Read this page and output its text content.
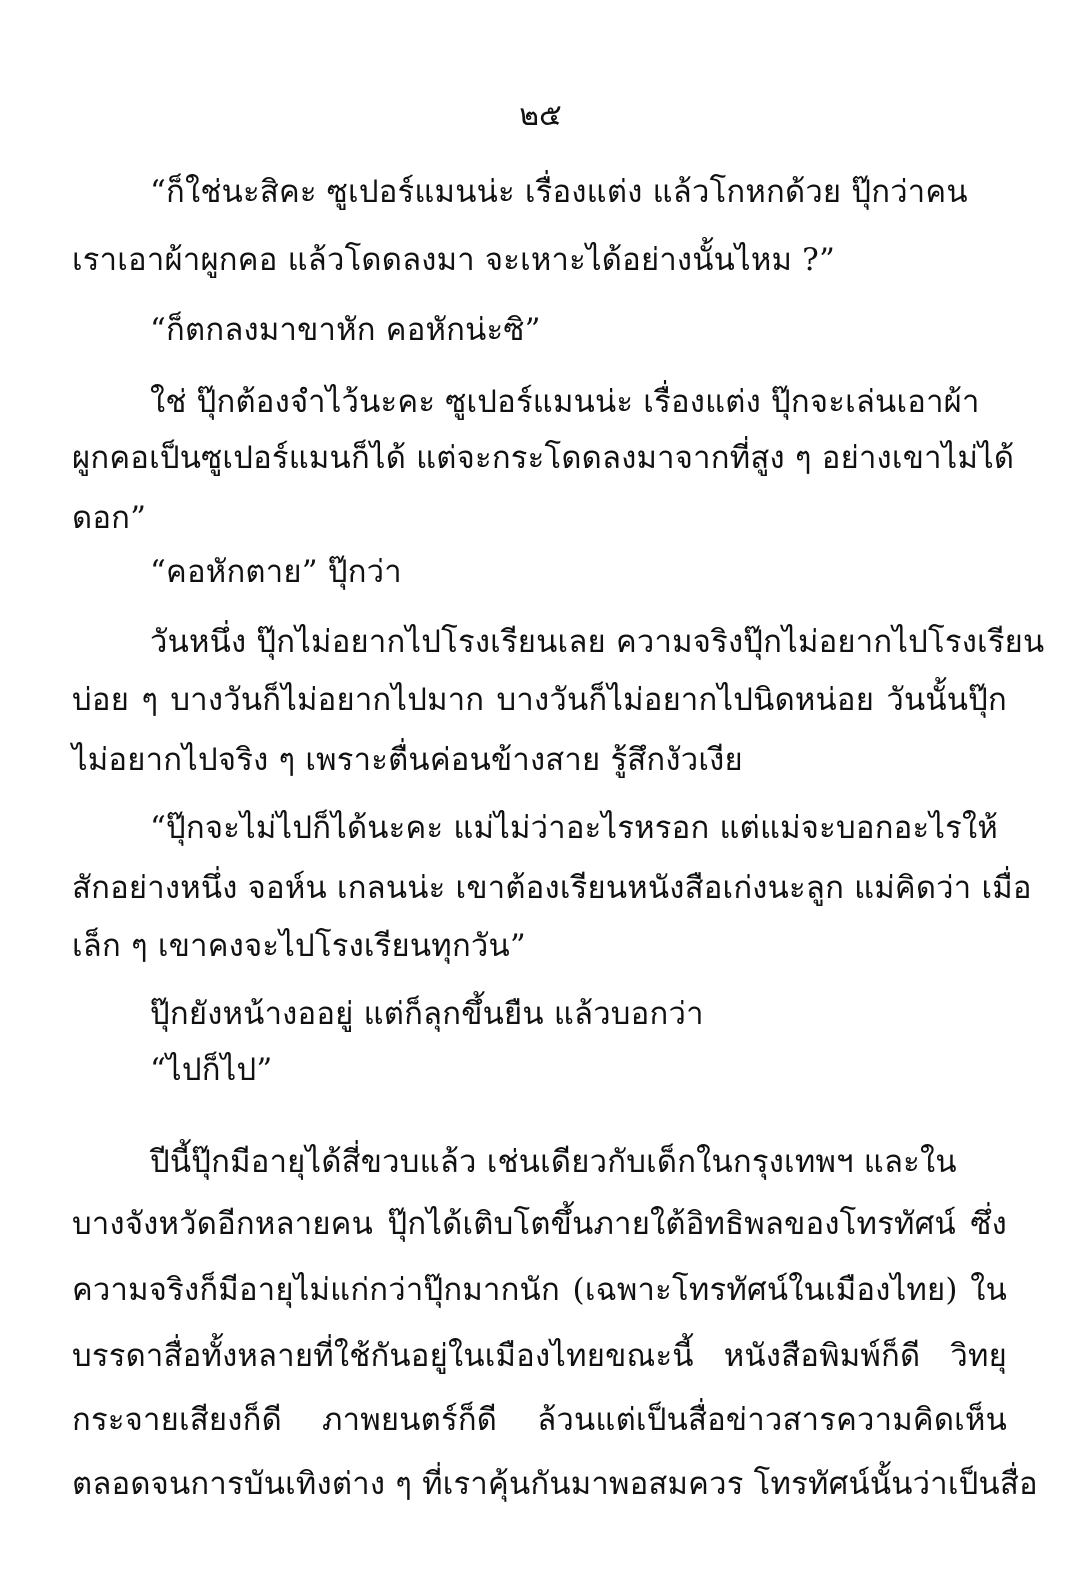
๒๕
“ก็ใช่นะสิคะ ซูเปอร์แมนน่ะ เรื่องแต่ง แล้วโกหกด้วย ปุ๊กว่าคน
เราเอาผ้าผูกคอ แล้วโดดลงมา จะเหาะได้อย่างนั้นไหม ?”
“ก็ตกลงมาขาหัก คอหักน่ะซิ”
ใช่ ปุ๊กต้องจำไว้นะคะ ซูเปอร์แมนน่ะ เรื่องแต่ง ปุ๊กจะเล่นเอาผ้า
ผูกคอเป็นซูเปอร์แมนก็ได้ แต่จะกระโดดลงมาจากที่สูง ๆ อย่างเขาไม่ได้
ดอก”
“คอหักตาย” ปุ๊กว่า
วันหนึ่ง ปุ๊กไม่อยากไปโรงเรียนเลย ความจริงปุ๊กไม่อยากไปโรงเรียน
บ่อย ๆ บางวันก็ไม่อยากไปมาก บางวันก็ไม่อยากไปนิดหน่อย วันนั้นปุ๊ก
ไม่อยากไปจริง ๆ เพราะตื่นค่อนข้างสาย รู้สึกงัวเงีย
“ปุ๊กจะไม่ไปก็ได้นะคะ แม่ไม่ว่าอะไรหรอก แต่แม่จะบอกอะไรให้
สักอย่างหนึ่ง จอห์น เกลนน่ะ เขาต้องเรียนหนังสือเก่งนะลูก แม่คิดว่า เมื่อ
เล็ก ๆ เขาคงจะไปโรงเรียนทุกวัน”
ปุ๊กยังหน้างออยู่ แต่ก็ลุกขึ้นยืน แล้วบอกว่า
“ไปก็ไป”
ปีนี้ปุ๊กมีอายุได้สี่ขวบแล้ว เช่นเดียวกับเด็กในกรุงเทพฯ และใน
บางจังหวัดอีกหลายคน ปุ๊กได้เติบโตขึ้นภายใต้อิทธิพลของโทรทัศน์ ซึ่ง
ความจริงก็มีอายุไม่แก่กว่าปุ๊กมากนัก (เฉพาะโทรทัศน์ในเมืองไทย) ใน
บรรดาสื่อทั้งหลายที่ใช้กันอยู่ในเมืองไทยขณะนี้ หนังสือพิมพ์ก็ดี วิทยุ
กระจายเสียงก็ดี ภาพยนตร์ก็ดี ล้วนแต่เป็นสื่อข่าวสารความคิดเห็น
ตลอดจนการบันเทิงต่าง ๆ ที่เราคุ้นกันมาพอสมควร โทรทัศน์นั้นว่าเป็นสื่อ
